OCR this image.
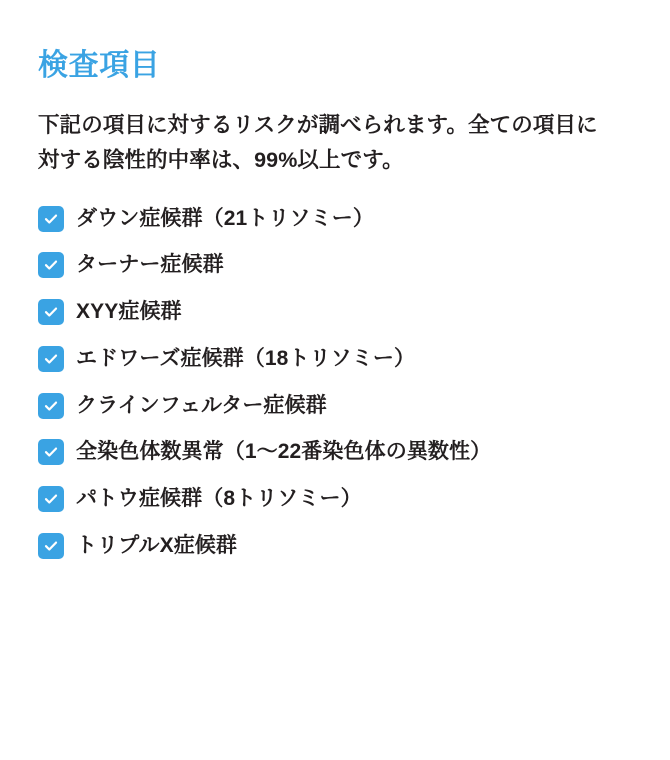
検査項目

下記の項目に対するリスクが調べられます。全ての項目に対する陰性的中率は、99%以上です。

ダウン症候群（21トリソミー）
ターナー症候群
XYY症候群
エドワーズ症候群（18トリソミー）
クラインフェルター症候群
全染色体数異常（1〜22番染色体の異数性）
パトウ症候群（8トリソミー）
トリプルX症候群
